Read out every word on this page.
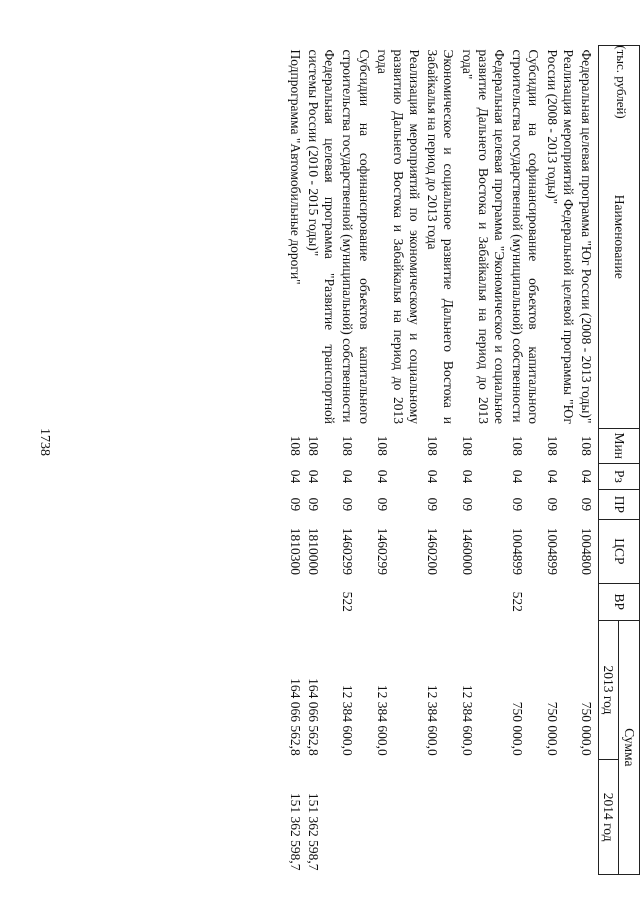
1738
(тыс. рублей)
Наименование	Мин	Рз	ПР	ЦСР	ВР	Сумма	
						2013 год	2014 год
Федеральная целевая программа "Юг России (2008 - 2013 годы)"	108	04	09	1004800		750 000,0	
Реализация мероприятий Федеральной целевой программы "Юг России (2008 - 2013 годы)"	108	04	09	1004899		750 000,0	
Субсидии на софинансирование объектов капитального строительства государственной (муниципальной) собственности	108	04	09	1004899	522	750 000,0	
Федеральная целевая программа "Экономическое и социальное развитие Дальнего Востока и Забайкалья на период до 2013 года"	108	04	09	1460000		12 384 600,0	
Экономическое и социальное развитие Дальнего Востока и Забайкалья на период до 2013 года	108	04	09	1460200		12 384 600,0	
Реализация мероприятий по экономическому и социальному развитию Дальнего Востока и Забайкалья на период до 2013 года	108	04	09	1460299		12 384 600,0	
Субсидии на софинансирование объектов капитального строительства государственной (муниципальной) собственности	108	04	09	1460299	522	12 384 600,0	
Федеральная целевая программа "Развитие транспортной системы России (2010 - 2015 годы)"	108	04	09	1810000		164 066 562,8	151 362 598,7
Подпрограмма "Автомобильные дороги"	108	04	09	1810300		164 066 562,8	151 362 598,7
